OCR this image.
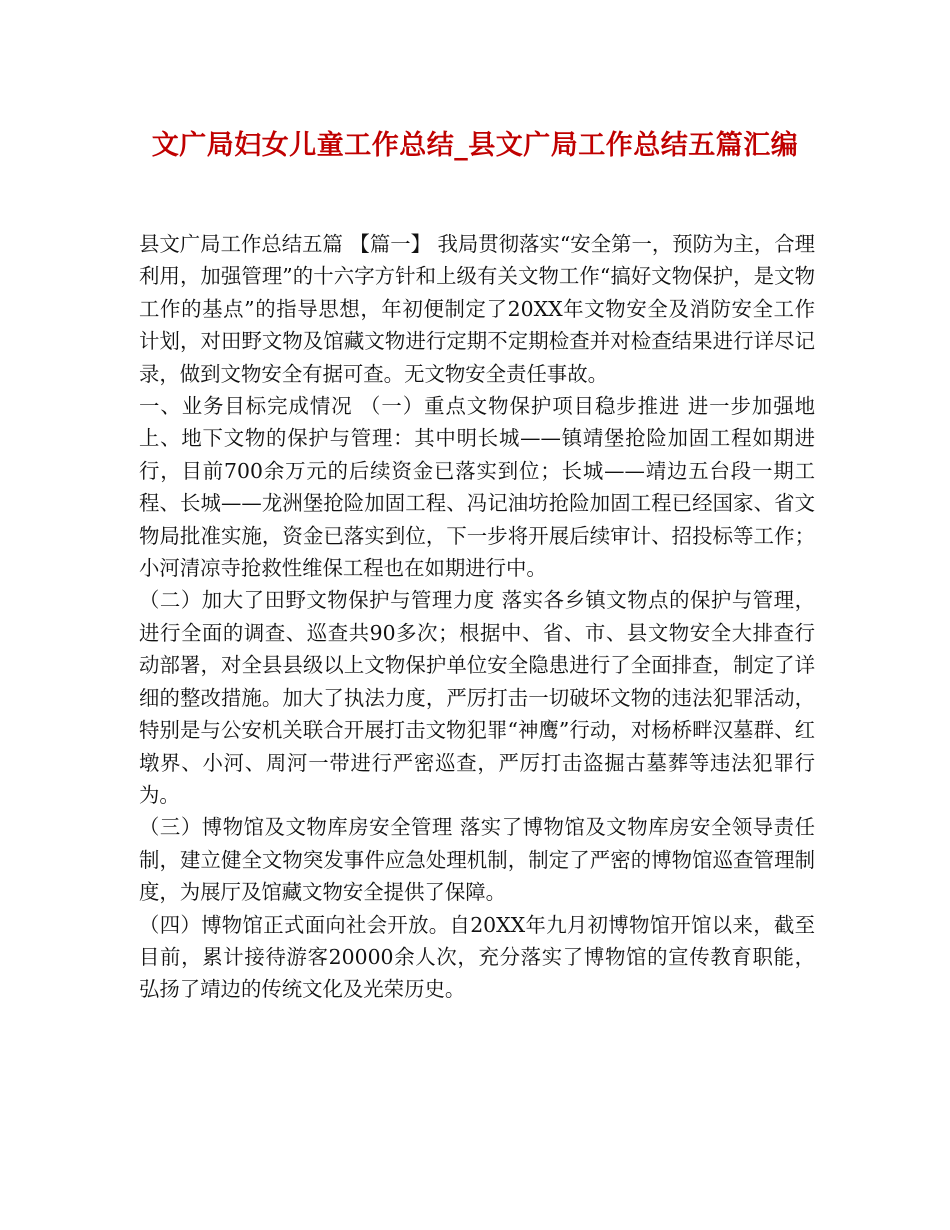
文广局妇女儿童工作总结_县文广局工作总结五篇汇编

县文广局工作总结五篇 【篇一】 我局贯彻落实“安全第一，预防为主，合理利用，加强管理”的十六字方针和上级有关文物工作“搞好文物保护，是文物工作的基点”的指导思想，年初便制定了20XX年文物安全及消防安全工作计划，对田野文物及馆藏文物进行定期不定期检查并对检查结果进行详尽记录，做到文物安全有据可查。无文物安全责任事故。

一、业务目标完成情况 （一）重点文物保护项目稳步推进 进一步加强地上、地下文物的保护与管理：其中明长城——镇靖堡抢险加固工程如期进行，目前700余万元的后续资金已落实到位；长城——靖边五台段一期工程、长城——龙洲堡抢险加固工程、冯记油坊抢险加固工程已经国家、省文物局批准实施，资金已落实到位，下一步将开展后续审计、招投标等工作；小河清凉寺抢救性维保工程也在如期进行中。

（二）加大了田野文物保护与管理力度 落实各乡镇文物点的保护与管理，进行全面的调查、巡查共90多次；根据中、省、市、县文物安全大排查行动部署，对全县县级以上文物保护单位安全隐患进行了全面排查，制定了详细的整改措施。加大了执法力度，严厉打击一切破坏文物的违法犯罪活动，特别是与公安机关联合开展打击文物犯罪“神鹰”行动，对杨桥畔汉墓群、红墩界、小河、周河一带进行严密巡查，严厉打击盗掘古墓葬等违法犯罪行为。

（三）博物馆及文物库房安全管理 落实了博物馆及文物库房安全领导责任制，建立健全文物突发事件应急处理机制，制定了严密的博物馆巡查管理制度，为展厅及馆藏文物安全提供了保障。

（四）博物馆正式面向社会开放。自20XX年九月初博物馆开馆以来，截至目前，累计接待游客20000余人次，充分落实了博物馆的宣传教育职能，弘扬了靖边的传统文化及光荣历史。
